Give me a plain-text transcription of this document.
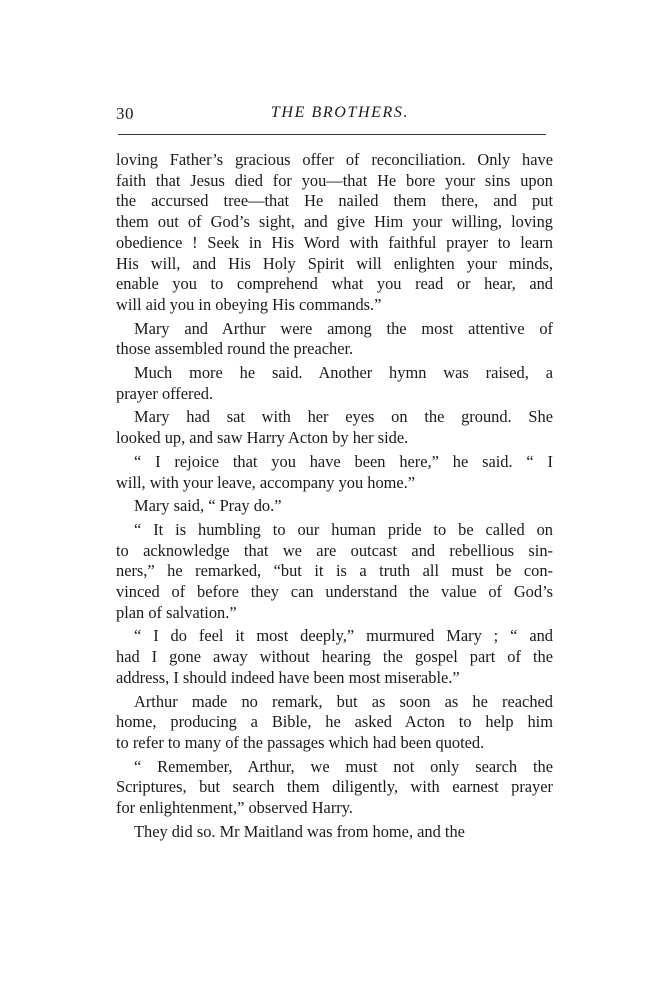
30	THE BROTHERS.

loving Father’s gracious offer of reconciliation. Only have
faith that Jesus died for you—that He bore your sins upon
the accursed tree—that He nailed them there, and put
them out of God’s sight, and give Him your willing, loving
obedience ! Seek in His Word with faithful prayer to learn
His will, and His Holy Spirit will enlighten your minds,
enable you to comprehend what you read or hear, and
will aid you in obeying His commands.”

Mary and Arthur were among the most attentive of
those assembled round the preacher.

Much more he said. Another hymn was raised, a
prayer offered.

Mary had sat with her eyes on the ground. She
looked up, and saw Harry Acton by her side.

“ I rejoice that you have been here,” he said. “ I
will, with your leave, accompany you home.”

Mary said, “ Pray do.”

“ It is humbling to our human pride to be called on
to acknowledge that we are outcast and rebellious sin-
ners,” he remarked, “but it is a truth all must be con-
vinced of before they can understand the value of God’s
plan of salvation.”

“ I do feel it most deeply,” murmured Mary ; “ and
had I gone away without hearing the gospel part of the
address, I should indeed have been most miserable.”

Arthur made no remark, but as soon as he reached
home, producing a Bible, he asked Acton to help him
to refer to many of the passages which had been quoted.

“ Remember, Arthur, we must not only search the
Scriptures, but search them diligently, with earnest prayer
for enlightenment,” observed Harry.

They did so. Mr Maitland was from home, and the
